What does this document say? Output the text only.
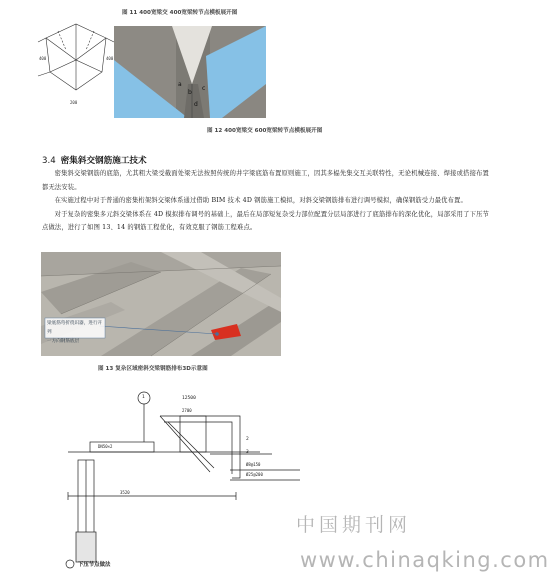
图 11 400宽梁交 400宽梁转节点模板展开图
400	400
200
a
b
c
d
图 12 400宽梁交 600宽梁转节点模板展开图
3.4 密集斜交钢筋施工技术

密集斜交梁钢筋的底筋，尤其粗大梁受截面处梁无法按照传统的井字梁底筋布置原则施工，因其多榀先集交互关联特性，无论机械连接、焊接或搭接布置都无法安装。

在实施过程中对于普通的密集桁架斜交梁体系通过借助 BIM 技术 4D 钢筋施工模拟，对斜交梁钢筋排布进行调号模拟，确保钢筋受力最优布置。

对于复杂的密集多元斜交梁体系在 4D 模拟排布调号的基础上，最后在局部短复杂受力部位配置分层局部进行了底筋排布的深化优化，局部采用了下压节点做法，进行了如图 13、14 的钢筋工程优化，有效克服了钢筋工程难点。

梁底筋弯折绕识器，进行开列
一方向钢筋底层
图 13 复杂区域密斜交梁钢筋排布3D示意图
DN50×2
2700
Ø8@150
Ø25@200
3520
12500
1
2
3
下压节点做法
中国期刊网
www.chinaqking.com
